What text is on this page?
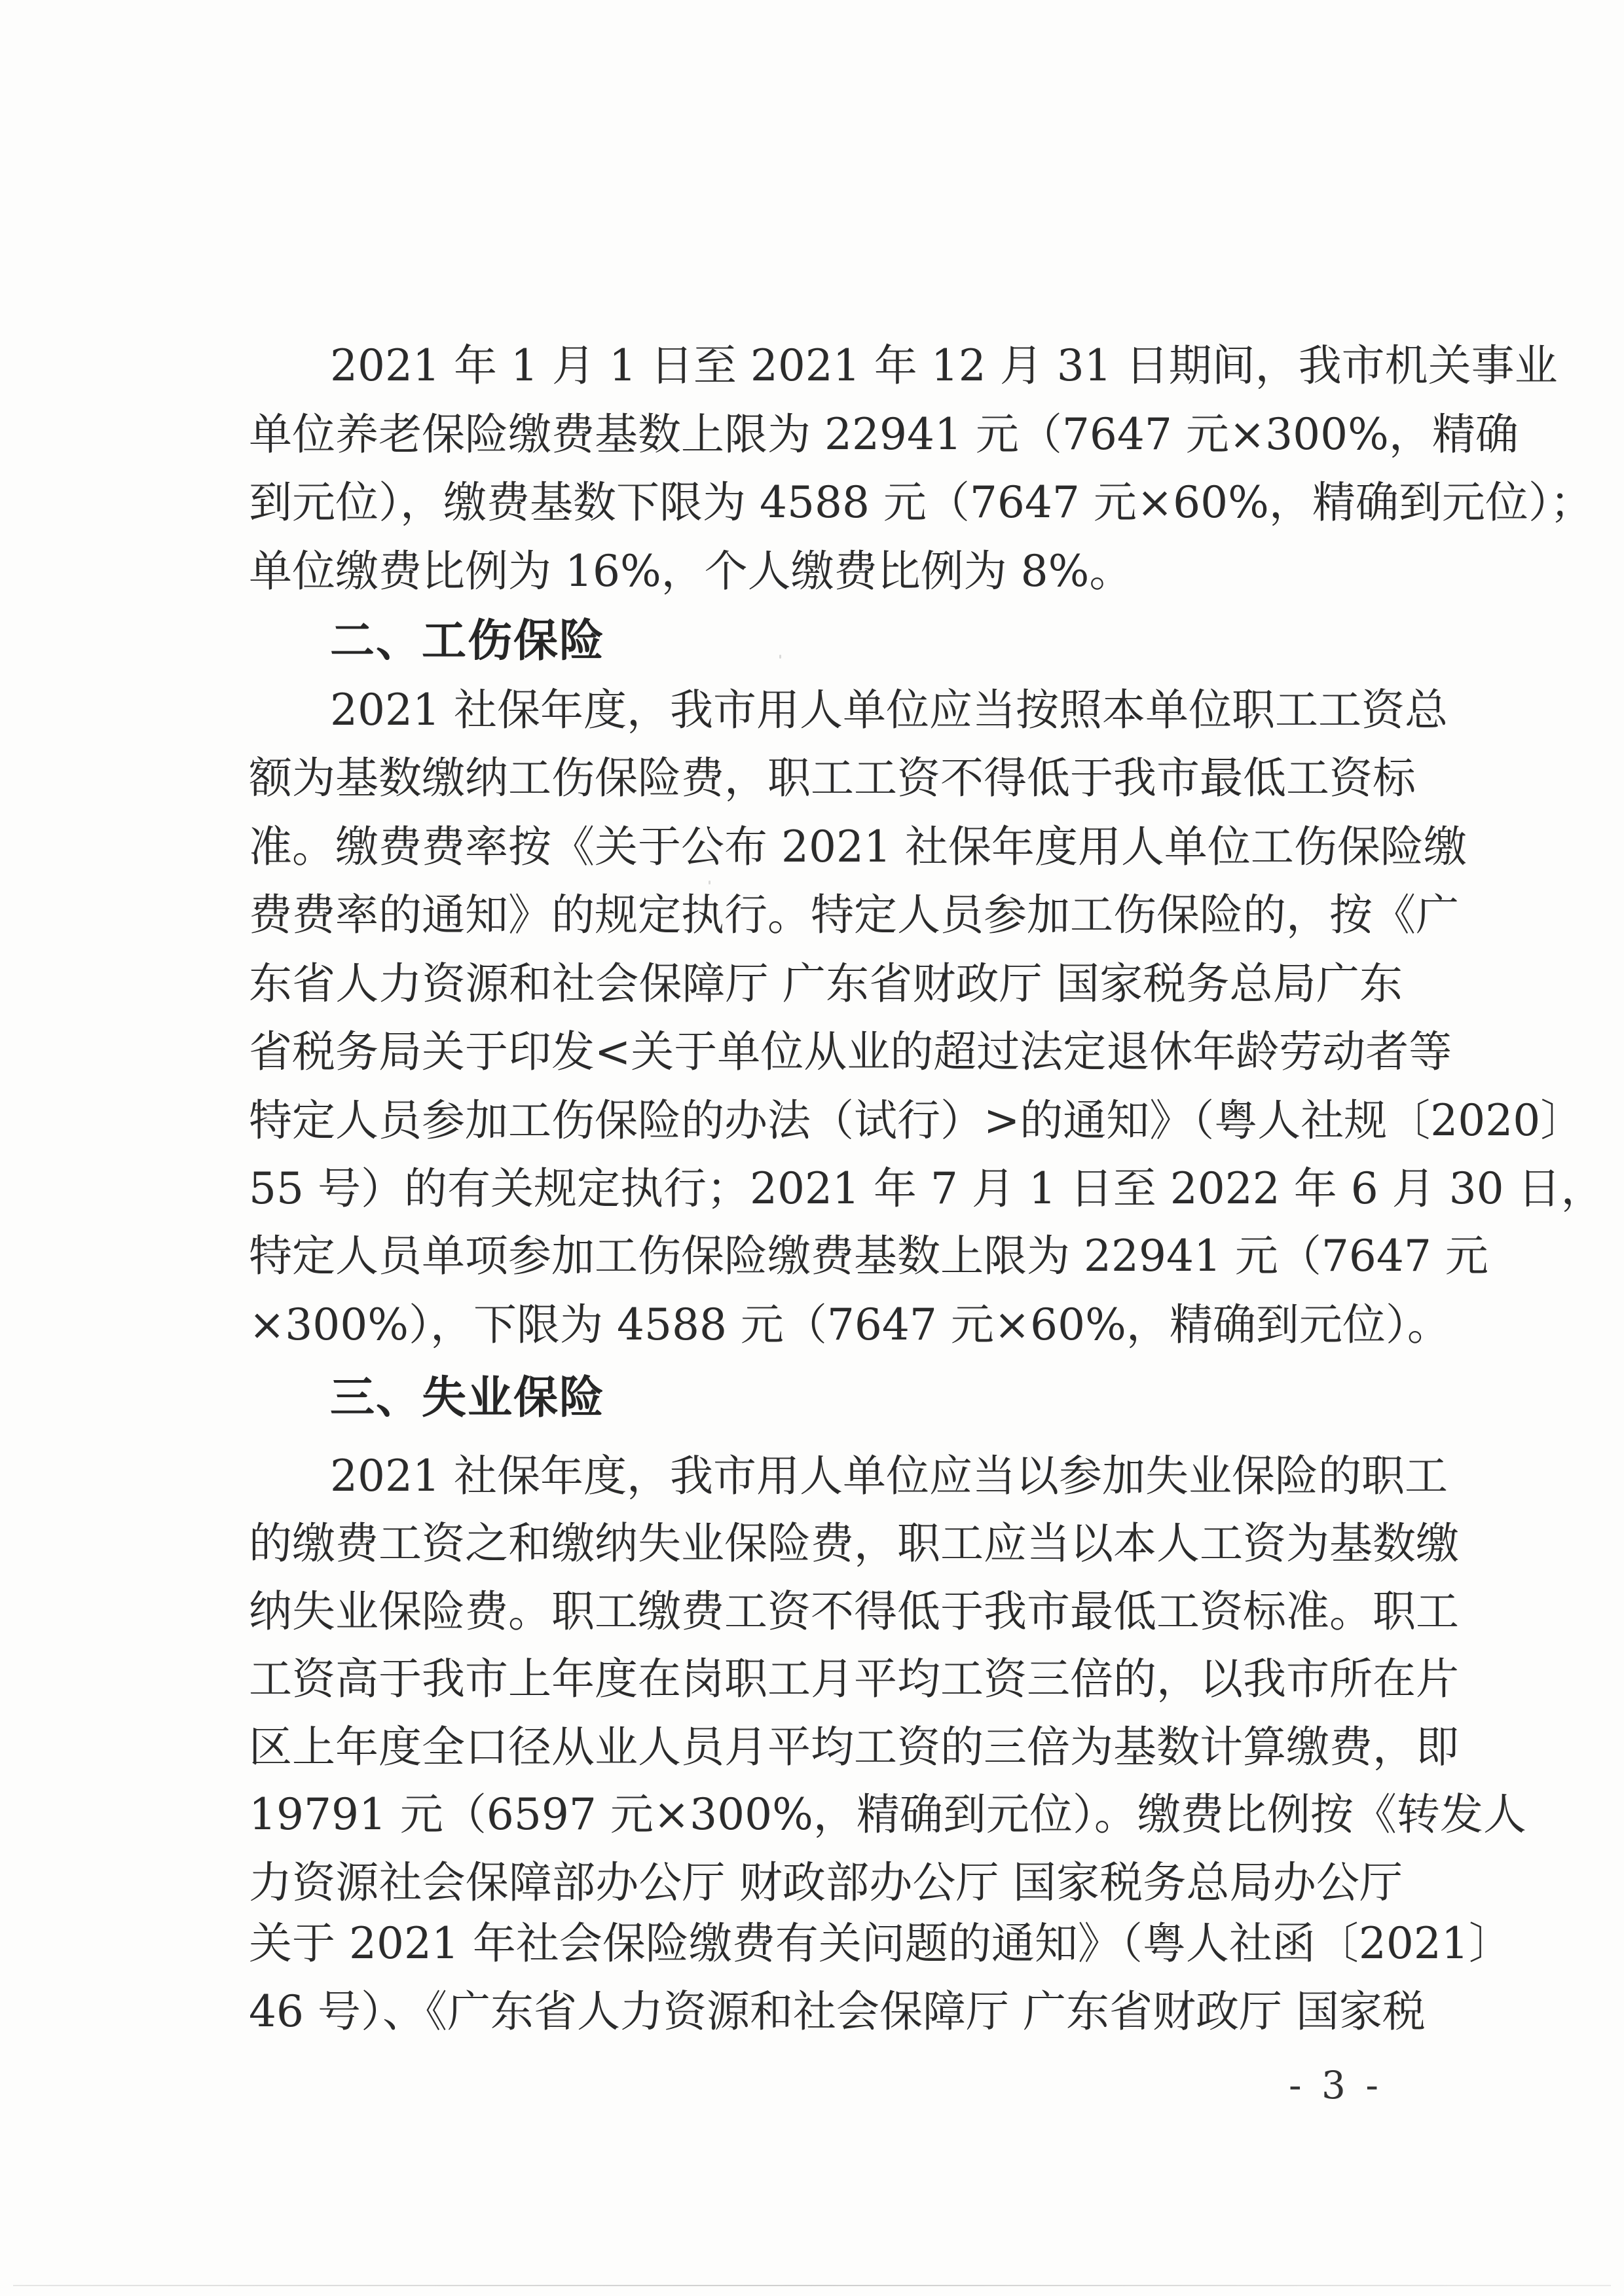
2021 年 1 月 1 日至 2021 年 12 月 31 日期间，我市机关事业
单位养老保险缴费基数上限为 22941 元（7647 元×300%，精确
到元位），缴费基数下限为 4588 元（7647 元×60%，精确到元位）；
单位缴费比例为 16%，个人缴费比例为 8%。
二、工伤保险
2021 社保年度，我市用人单位应当按照本单位职工工资总
额为基数缴纳工伤保险费，职工工资不得低于我市最低工资标
准。缴费费率按《关于公布 2021 社保年度用人单位工伤保险缴
费费率的通知》的规定执行。特定人员参加工伤保险的，按《广
东省人力资源和社会保障厅 广东省财政厅 国家税务总局广东
省税务局关于印发<关于单位从业的超过法定退休年龄劳动者等
特定人员参加工伤保险的办法（试行）>的通知》（粤人社规〔2020〕
55 号）的有关规定执行；2021 年 7 月 1 日至 2022 年 6 月 30 日，
特定人员单项参加工伤保险缴费基数上限为 22941 元（7647 元
×300%），下限为 4588 元（7647 元×60%，精确到元位）。
三、失业保险
2021 社保年度，我市用人单位应当以参加失业保险的职工
的缴费工资之和缴纳失业保险费，职工应当以本人工资为基数缴
纳失业保险费。职工缴费工资不得低于我市最低工资标准。职工
工资高于我市上年度在岗职工月平均工资三倍的，以我市所在片
区上年度全口径从业人员月平均工资的三倍为基数计算缴费，即
19791 元（6597 元×300%，精确到元位）。缴费比例按《转发人
力资源社会保障部办公厅 财政部办公厅 国家税务总局办公厅
关于 2021 年社会保险缴费有关问题的通知》（粤人社函〔2021〕
46 号）、《广东省人力资源和社会保障厅 广东省财政厅 国家税
- 3 -
